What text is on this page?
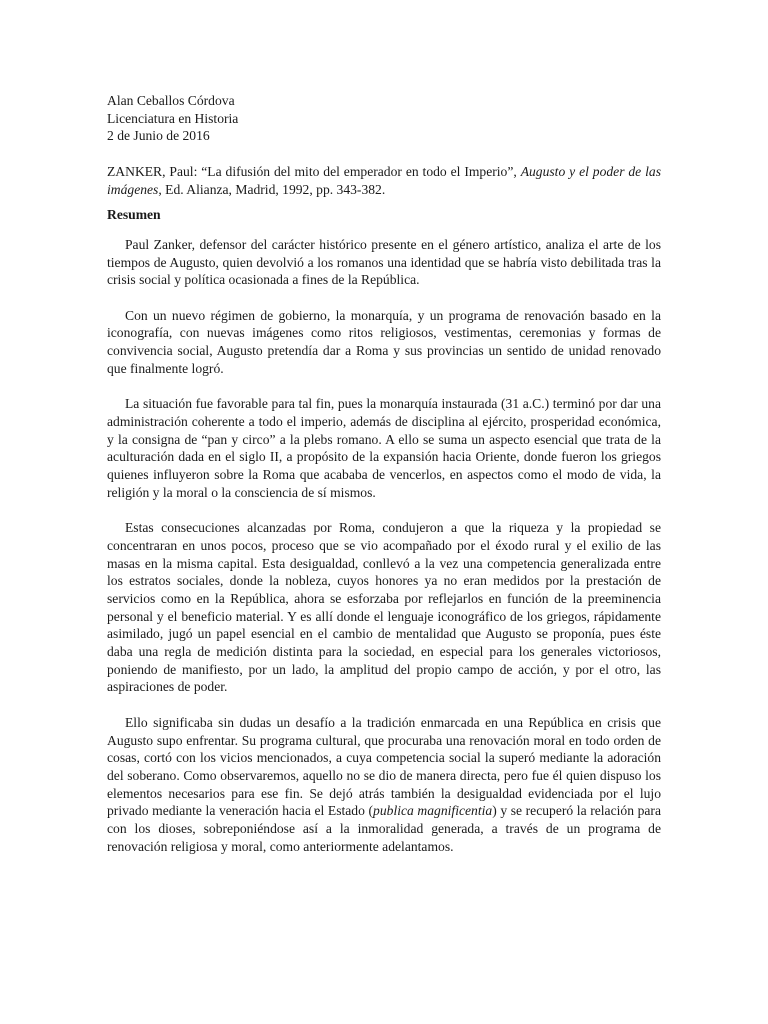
Alan Ceballos Córdova
Licenciatura en Historia
2 de Junio de 2016
ZANKER, Paul: “La difusión del mito del emperador en todo el Imperio”, Augusto y el poder de las imágenes, Ed. Alianza, Madrid, 1992, pp. 343-382.
Resumen

Paul Zanker, defensor del carácter histórico presente en el género artístico, analiza el arte de los tiempos de Augusto, quien devolvió a los romanos una identidad que se habría visto debilitada tras la crisis social y política ocasionada a fines de la República.

Con un nuevo régimen de gobierno, la monarquía, y un programa de renovación basado en la iconografía, con nuevas imágenes como ritos religiosos, vestimentas, ceremonias y formas de convivencia social, Augusto pretendía dar a Roma y sus provincias un sentido de unidad renovado que finalmente logró.

La situación fue favorable para tal fin, pues la monarquía instaurada (31 a.C.) terminó por dar una administración coherente a todo el imperio, además de disciplina al ejército, prosperidad económica, y la consigna de “pan y circo” a la plebs romano. A ello se suma un aspecto esencial que trata de la aculturación dada en el siglo II, a propósito de la expansión hacia Oriente, donde fueron los griegos quienes influyeron sobre la Roma que acababa de vencerlos, en aspectos como el modo de vida, la religión y la moral o la consciencia de sí mismos.

Estas consecuciones alcanzadas por Roma, condujeron a que la riqueza y la propiedad se concentraran en unos pocos, proceso que se vio acompañado por el éxodo rural y el exilio de las masas en la misma capital. Esta desigualdad, conllevó a la vez una competencia generalizada entre los estratos sociales, donde la nobleza, cuyos honores ya no eran medidos por la prestación de servicios como en la República, ahora se esforzaba por reflejarlos en función de la preeminencia personal y el beneficio material. Y es allí donde el lenguaje iconográfico de los griegos, rápidamente asimilado, jugó un papel esencial en el cambio de mentalidad que Augusto se proponía, pues éste daba una regla de medición distinta para la sociedad, en especial para los generales victoriosos, poniendo de manifiesto, por un lado, la amplitud del propio campo de acción, y por el otro, las aspiraciones de poder.

Ello significaba sin dudas un desafío a la tradición enmarcada en una República en crisis que Augusto supo enfrentar. Su programa cultural, que procuraba una renovación moral en todo orden de cosas, cortó con los vicios mencionados, a cuya competencia social la superó mediante la adoración del soberano. Como observaremos, aquello no se dio de manera directa, pero fue él quien dispuso los elementos necesarios para ese fin. Se dejó atrás también la desigualdad evidenciada por el lujo privado mediante la veneración hacia el Estado (publica magnificentia) y se recuperó la relación para con los dioses, sobreponiéndose así a la inmoralidad generada, a través de un programa de renovación religiosa y moral, como anteriormente adelantamos.
